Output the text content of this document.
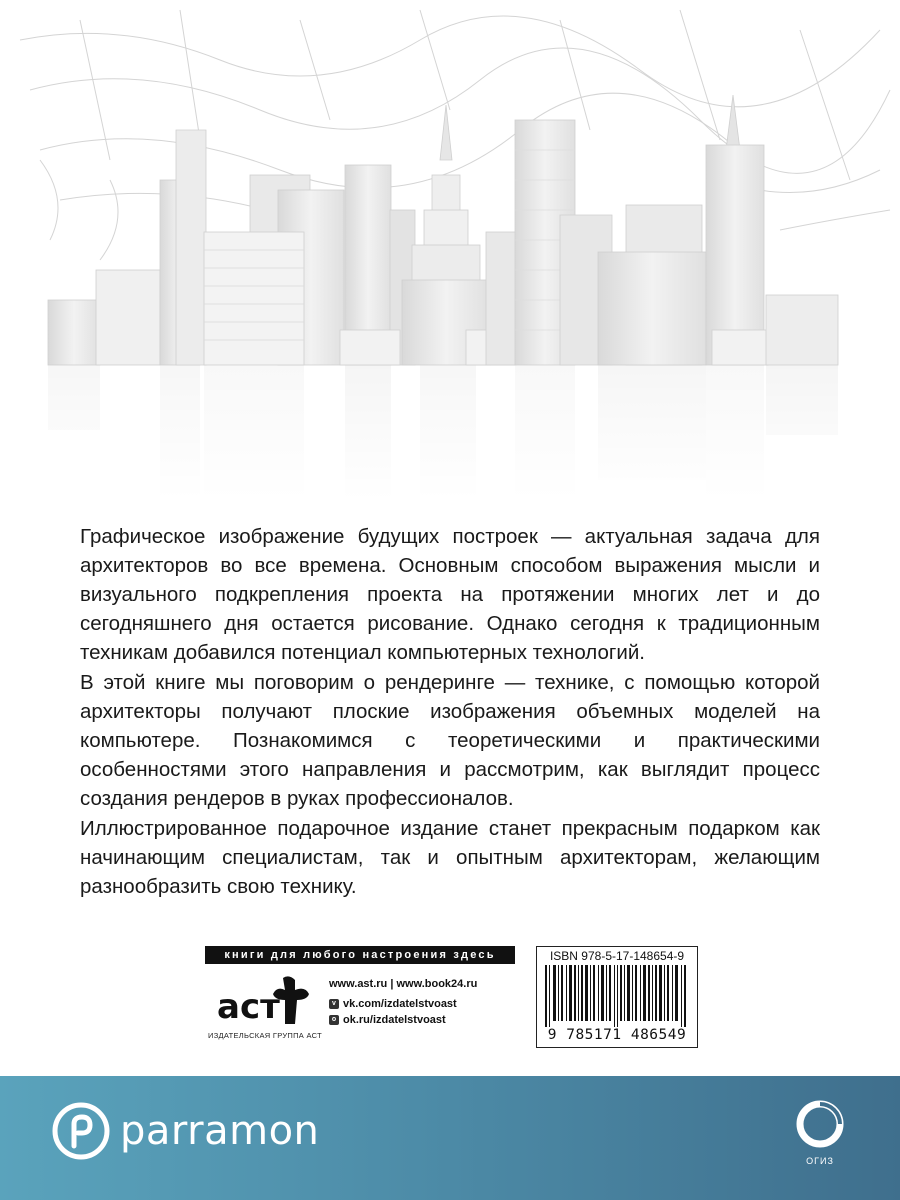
Графическое изображение будущих построек — актуальная задача для архитекторов во все времена. Основным способом выражения мысли и визуального подкрепления проекта на протяжении многих лет и до сегодняшнего дня остается рисование. Однако сегодня к традиционным техникам добавился потенциал компьютерных технологий.

В этой книге мы поговорим о рендеринге — технике, с помощью которой архитекторы получают плоские изображения объемных моделей на компьютере. Познакомимся с теоретическими и практическими особенностями этого направления и рассмотрим, как выглядит процесс создания рендеров в руках профессионалов.

Иллюстрированное подарочное издание станет прекрасным подарком как начинающим специалистам, так и опытным архитекторам, желающим разнообразить свою технику.

книги для любого настроения здесь
аст
ИЗДАТЕЛЬСКАЯ ГРУППА АСТ
www.ast.ru | www.book24.ru
v vk.com/izdatelstvoast
o ok.ru/izdatelstvoast
ISBN 978-5-17-148654-9
9 785171 486549
parramon
ОГИЗ
